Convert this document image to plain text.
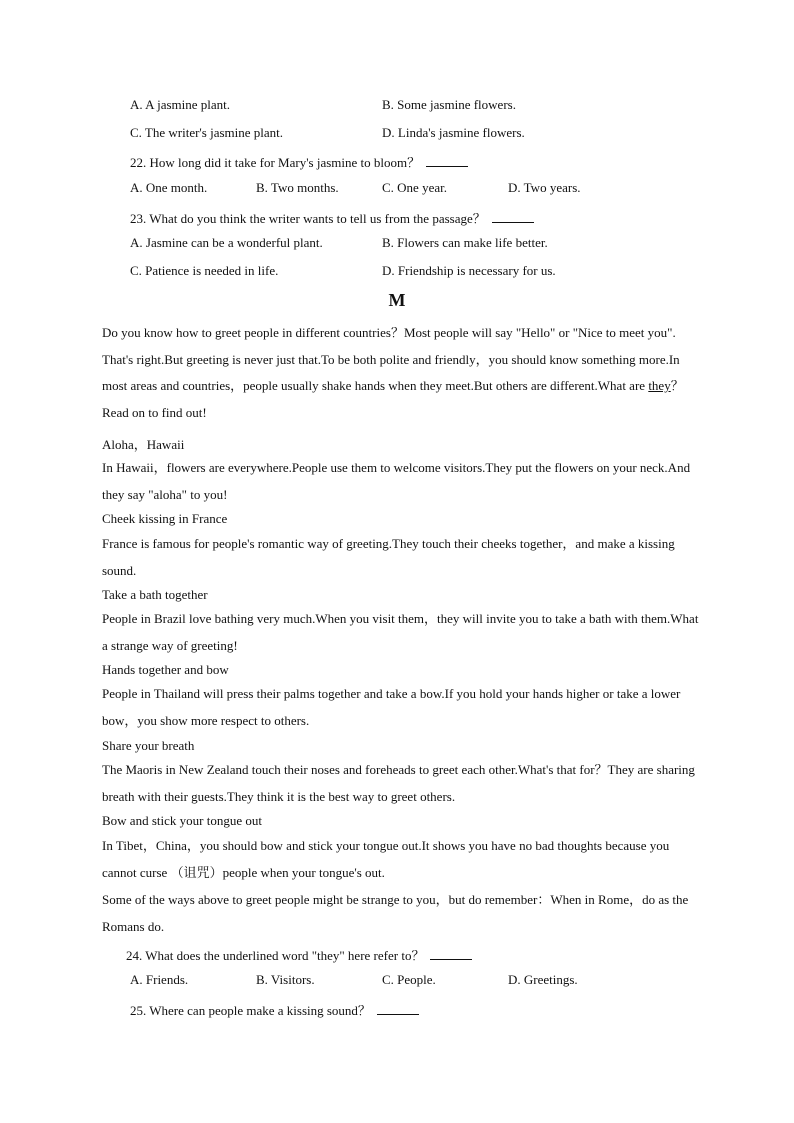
A. A jasmine plant.	B. Some jasmine flowers.
C. The writer's jasmine plant.	D. Linda's jasmine flowers.
22. How long did it take for Mary's jasmine to bloom？
A. One month.	B. Two months.	C. One year.	D. Two years.
23. What do you think the writer wants to tell us from the passage？
A. Jasmine can be a wonderful plant.	B. Flowers can make life better.
C. Patience is needed in life.	D. Friendship is necessary for us.
M
Do you know how to greet people in different countries？Most people will say "Hello" or "Nice to meet you". That's right.But greeting is never just that.To be both polite and friendly，you should know something more.In most areas and countries，people usually shake hands when they meet.But others are different.What are they？Read on to find out!
Aloha，Hawaii
In Hawaii，flowers are everywhere.People use them to welcome visitors.They put the flowers on your neck.And they say "aloha" to you!
Cheek kissing in France
France is famous for people's romantic way of greeting.They touch their cheeks together，and make a kissing sound.
Take a bath together
People in Brazil love bathing very much.When you visit them，they will invite you to take a bath with them.What a strange way of greeting!
Hands together and bow
People in Thailand will press their palms together and take a bow.If you hold your hands higher or take a lower bow，you show more respect to others.
Share your breath
The Maoris in New Zealand touch their noses and foreheads to greet each other.What's that for？They are sharing breath with their guests.They think it is the best way to greet others.
Bow and stick your tongue out
In Tibet，China，you should bow and stick your tongue out.It shows you have no bad thoughts because you cannot curse （诅咒）people when your tongue's out.
Some of the ways above to greet people might be strange to you，but do remember：When in Rome，do as the Romans do.
24. What does the underlined word "they" here refer to？
A. Friends.	B. Visitors.	C. People.	D. Greetings.
25. Where can people make a kissing sound？
